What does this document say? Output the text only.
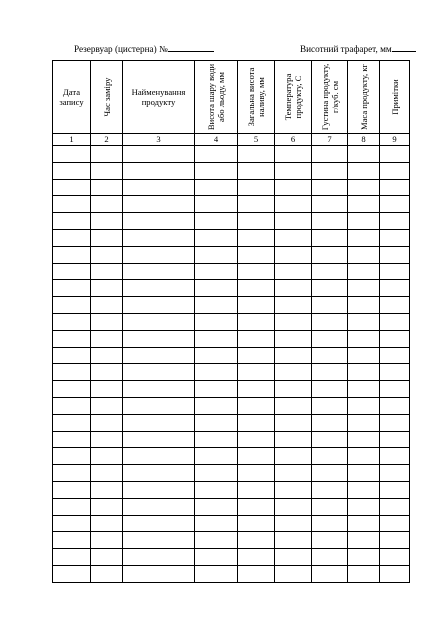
Резервуар (цистерна) №	Висотний трафарет, мм
Дата запису	Час заміру	Найменування продукту	Висота шару води або льоду, мм	Загальна висота наливу, мм	Температура продукту, С	Густина продукту, г/куб. см	Маса продукту, кг	Примітки

1	2	3	4	5	6	7	8	9
